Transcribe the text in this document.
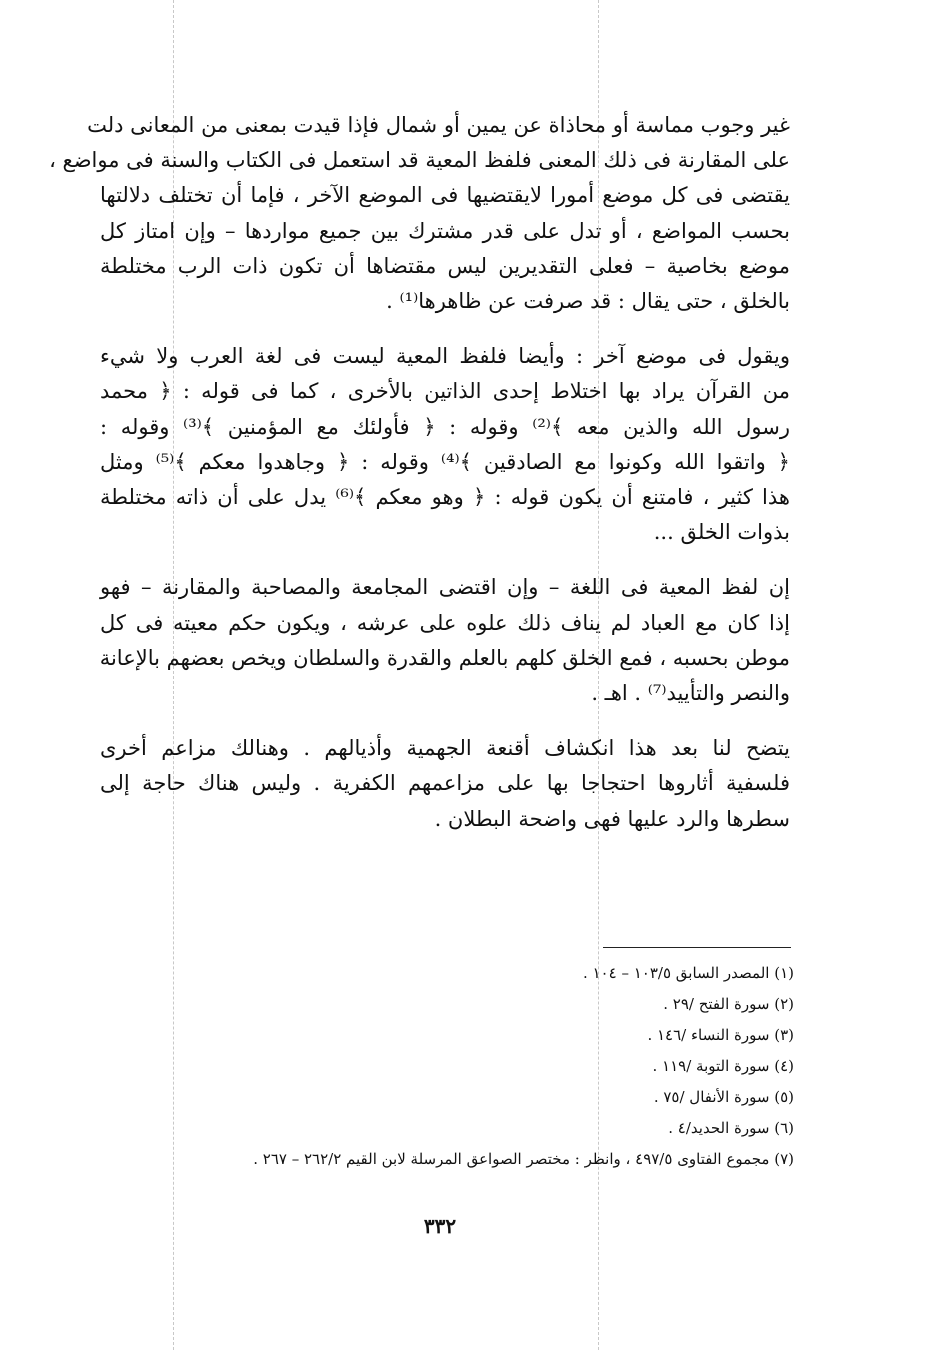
غير وجوب مماسة أو محاذاة عن يمين أو شمال فإذا قيدت بمعنى من المعانى دلت
على المقارنة فى ذلك المعنى فلفظ المعية قد استعمل فى الكتاب والسنة فى مواضع ،
يقتضى فى كل موضع أمورا لايقتضيها فى الموضع الآخر ، فإما أن تختلف دلالتها
بحسب المواضع ، أو تدل على قدر مشترك بين جميع مواردها – وإن امتاز كل
موضع بخاصية – فعلى التقديرين ليس مقتضاها أن تكون ذات الرب مختلطة
بالخلق ، حتى يقال : قد صرفت عن ظاهرها⁽¹⁾ .

ويقول فى موضع آخر : وأيضا فلفظ المعية ليست فى لغة العرب ولا شيء
من القرآن يراد بها اختلاط إحدى الذاتين بالأخرى ، كما فى قوله : ﴿ محمد
رسول الله والذين معه ﴾⁽²⁾ وقوله : ﴿ فأولئك مع المؤمنين ﴾⁽³⁾ وقوله :
﴿ واتقوا الله وكونوا مع الصادقين ﴾⁽⁴⁾ وقوله : ﴿ وجاهدوا معكم ﴾⁽⁵⁾ ومثل
هذا كثير ، فامتنع أن يكون قوله : ﴿ وهو معكم ﴾⁽⁶⁾ يدل على أن ذاته مختلطة
بذوات الخلق ...

إن لفظ المعية فى اللغة – وإن اقتضى المجامعة والمصاحبة والمقارنة – فهو
إذا كان مع العباد لم يناف ذلك علوه على عرشه ، ويكون حكم معيته فى كل
موطن بحسبه ، فمع الخلق كلهم بالعلم والقدرة والسلطان ويخص بعضهم بالإعانة
والنصر والتأييد⁽⁷⁾ . اهـ .

يتضح لنا بعد هذا انكشاف أقنعة الجهمية وأذيالهم . وهنالك مزاعم أخرى
فلسفية أثاروها احتجاجا بها على مزاعمهم الكفرية . وليس هناك حاجة إلى
سطرها والرد عليها فهى واضحة البطلان .

(١) المصدر السابق ١٠٣/٥ – ١٠٤ .
(٢) سورة الفتح /٢٩ .
(٣) سورة النساء /١٤٦ .
(٤) سورة التوبة /١١٩ .
(٥) سورة الأنفال /٧٥ .
(٦) سورة الحديد/٤ .
(٧) مجموع الفتاوى ٤٩٧/٥ ، وانظر : مختصر الصواعق المرسلة لابن القيم ٢٦٢/٢ – ٢٦٧ .
٣٣٢
